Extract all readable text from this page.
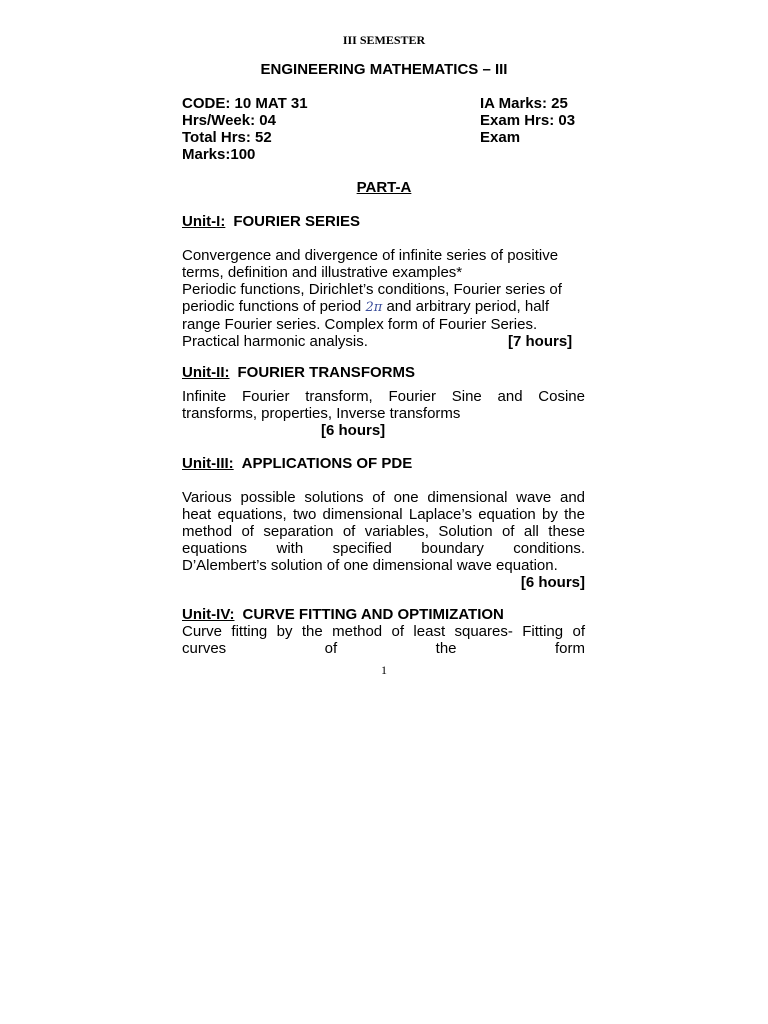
III SEMESTER
ENGINEERING MATHEMATICS – III
CODE: 10 MAT 31
Hrs/Week: 04
Total Hrs: 52
Marks:100
IA Marks: 25
Exam Hrs: 03
Exam
PART-A
Unit-I: FOURIER SERIES
Convergence and divergence of infinite series of positive
terms, definition and illustrative examples*
Periodic functions, Dirichlet’s conditions, Fourier series of
periodic functions of period 2π and arbitrary period, half
range Fourier series. Complex form of Fourier Series.
Practical harmonic analysis.	[7 hours]
Unit-II: FOURIER TRANSFORMS
Infinite Fourier transform, Fourier Sine and Cosine
transforms, properties, Inverse transforms
[6 hours]
Unit-III: APPLICATIONS OF PDE
Various possible solutions of one dimensional wave and
heat equations, two dimensional Laplace’s equation by the
method of separation of variables, Solution of all these
equations with specified boundary conditions.
D’Alembert’s solution of one dimensional wave equation.
[6 hours]
Unit-IV: CURVE FITTING AND OPTIMIZATION
Curve fitting by the method of least squares- Fitting of
curves of the form
1
